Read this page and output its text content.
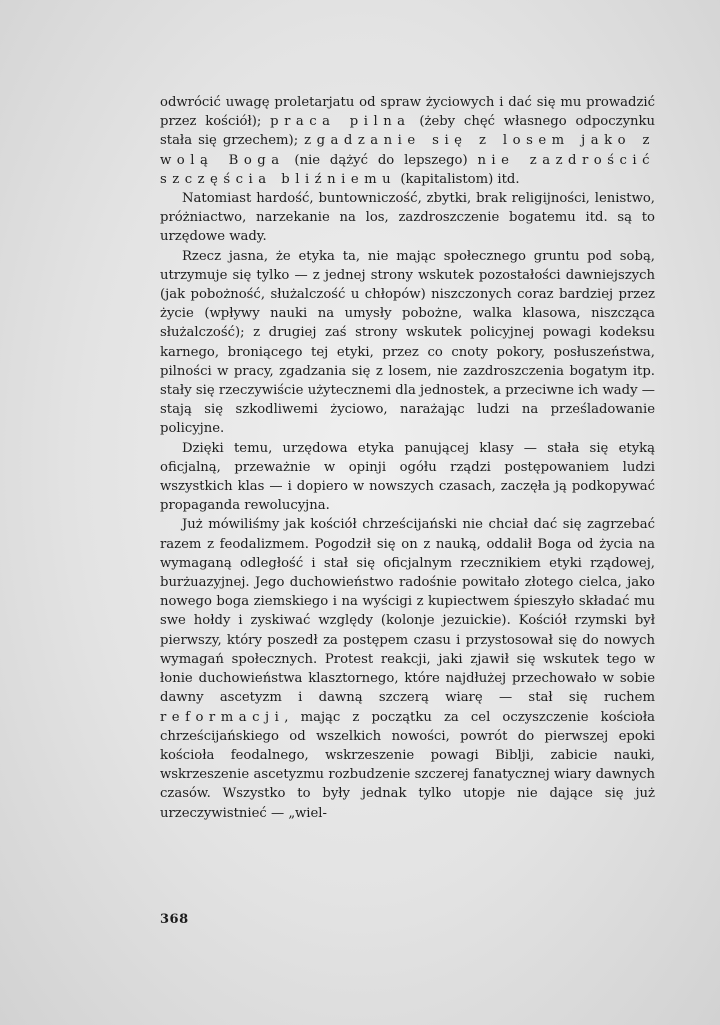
odwrócić uwagę proletarjatu od spraw życiowych i dać się mu prowadzić przez kościół); praca pilna (żeby chęć własnego odpoczynku stała się grzechem); zgadzanie się z losem jako z wolą Boga (nie dążyć do lepszego) nie zazdrościć szczęścia bliźniemu (kapitalistom) itd.

Natomiast hardość, buntowniczość, zbytki, brak religijności, lenistwo, próżniactwo, narzekanie na los, zazdroszczenie bogatemu itd. są to urzędowe wady.

Rzecz jasna, że etyka ta, nie mając społecznego gruntu pod sobą, utrzymuje się tylko — z jednej strony wskutek pozostałości dawniejszych (jak pobożność, służalczość u chłopów) niszczonych coraz bardziej przez życie (wpływy nauki na umysły pobożne, walka klasowa, niszcząca służalczość); z drugiej zaś strony wskutek policyjnej powagi kodeksu karnego, broniącego tej etyki, przez co cnoty pokory, posłuszeństwa, pilności w pracy, zgadzania się z losem, nie zazdroszczenia bogatym itp. stały się rzeczywiście użytecznemi dla jednostek, a przeciwne ich wady — stają się szkodliwemi życiowo, narażając ludzi na prześladowanie policyjne.

Dzięki temu, urzędowa etyka panującej klasy — stała się etyką oficjalną, przeważnie w opinji ogółu rządzi postępowaniem ludzi wszystkich klas — i dopiero w nowszych czasach, zaczęła ją podkopywać propaganda rewolucyjna.

Już mówiliśmy jak kościół chrześcijański nie chciał dać się zagrzebać razem z feodalizmem. Pogodził się on z nauką, oddalił Boga od życia na wymaganą odległość i stał się oficjalnym rzecznikiem etyki rządowej, burżuazyjnej. Jego duchowieństwo radośnie powitało złotego cielca, jako nowego boga ziemskiego i na wyścigi z kupiectwem śpieszyło składać mu swe hołdy i zyskiwać względy (kolonje jezuickie). Kościół rzymski był pierwszy, który poszedł za postępem czasu i przystosował się do nowych wymagań społecznych. Protest reakcji, jaki zjawił się wskutek tego w łonie duchowieństwa klasztornego, które najdłużej przechowało w sobie dawny ascetyzm i dawną szczerą wiarę — stał się ruchem reformacji, mając z początku za cel oczyszczenie kościoła chrześcijańskiego od wszelkich nowości, powrót do pierwszej epoki kościoła feodalnego, wskrzeszenie powagi Biblji, zabicie nauki, wskrzeszenie ascetyzmu rozbudzenie szczerej fanatycznej wiary dawnych czasów. Wszystko to były jednak tylko utopje nie dające się już urzeczywistnieć — „wiel-

368
